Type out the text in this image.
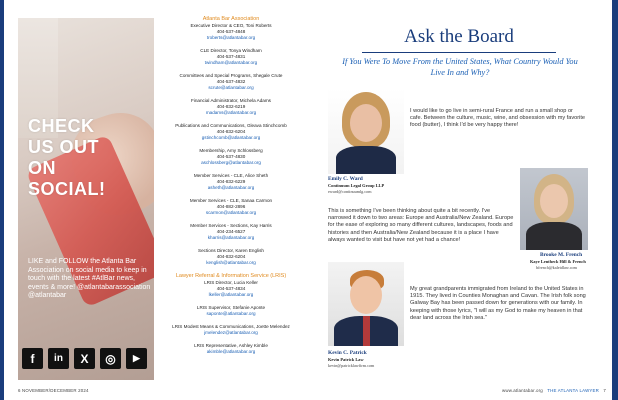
CHECK US OUT ON SOCIAL!
LIKE and FOLLOW the Atlanta Bar Association on social media to keep in touch with the latest #AtlBar news, events & more! @atlantabarassociation @atlantabar
f	in	X	◎	▶
Atlanta Bar Association
Executive Director & CEO, Toni Roberts
404-537-4848
troberts@atlantabar.org
CLE Director, Tonya Windham
404-537-4831
twindham@atlantabar.org
Committees and Special Programs, Shegale Crute
404-537-4832
scrute@atlantabar.org
Financial Administrator, Michela Adams
404-832-6219
madams@atlantabar.org
Publications and Communications, Gleava Stinchcomb
404-832-6204
gstinchcomb@atlantabar.org
Membership, Amy Schlossberg
404-537-4830
aschlossberg@atlantabar.org
Member Services - CLE, Alice Sheth
404-832-6229
asheth@atlantabar.org
Member Services - CLE, Sanaa Carmon
404-882-2896
scarmon@atlantabar.org
Member Services - Sections, Kay Harris
404-234-6527
kharris@atlantabar.org
Sections Director, Karen English
404-832-6204
kenglish@atlantabar.org
Lawyer Referral & Information Service (LRIS)
LRIS Director, Lucia Keller
404-537-4834
lkeller@atlantabar.org
LRIS Supervisor, Stefanie Aponte
saponte@atlantabar.org
LRIS Modest Means & Communications, Joette Melendez
jmelendez@atlantabar.org
LRIS Representative, Ashley Kimble
akimble@atlantabar.org
6 NOVEMBER/DECEMBER 2024
Ask the Board
If You Were To Move From the United States, What Country Would You Live In and Why?
Emily C. Ward
Continuum Legal Group LLP
eward@continuumlg.com
I would like to go live in semi-rural France and run a small shop or cafe. Between the culture, music, wine, and obsession with my favorite food (butter), I think I'd be very happy there!
This is something I've been thinking about quite a bit recently. I've narrowed it down to two areas: Europe and Australia/New Zealand. Europe for the ease of exploring so many different cultures, landscapes, foods and histories and then Australia/New Zealand because it is a place I have always wanted to visit but have not yet had a chance!
Brooke M. French
Kaye Lentheck Hill & French
bfrench@kaleidlaw.com
Kevin C. Patrick
Kevin Patrick Law
kevin@patricklawfirm.com
My great grandparents immigrated from Ireland to the United States in 1915. They lived in Counties Monaghan and Cavan. The Irish folk song Galway Bay has been passed down for generations with our family. In keeping with those lyrics, "I will as my God to make my heaven in that dear land across the Irish sea."
www.atlantabar.org THE ATLANTA LAWYER 7
